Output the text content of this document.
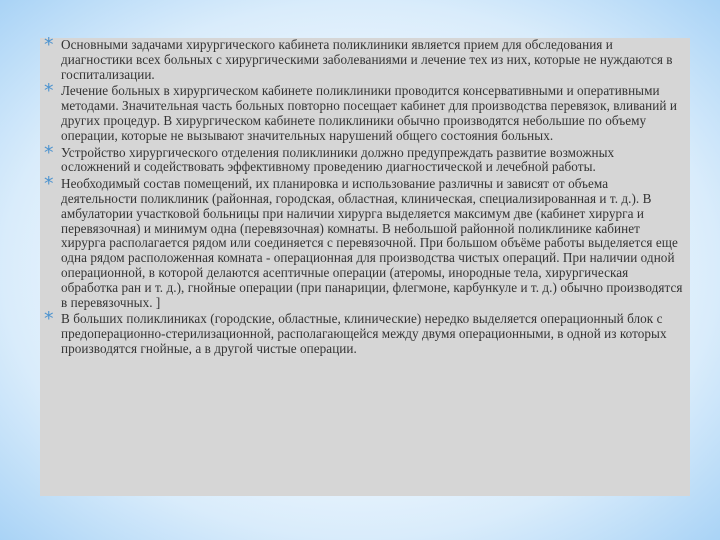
* Основными задачами хирургического кабинета поликлиники является прием для обследования и диагностики всех больных с хирургическими заболеваниями и лечение тех из них, которые не нуждаются в госпитализации.
* Лечение больных в хирургическом кабинете поликлиники проводится консервативными и оперативными методами. Значительная часть больных повторно посещает кабинет для производства перевязок, вливаний и других процедур. В хирургическом кабинете поликлиники обычно производятся небольшие по объему операции, которые не вызывают значительных нарушений общего состояния больных.
* Устройство хирургического отделения поликлиники должно предупреждать развитие возможных осложнений и содействовать эффективному проведению диагностической и лечебной работы.
* Необходимый состав помещений, их планировка и использование различны и зависят от объема деятельности поликлиник (районная, городская, областная, клиническая, специализированная и т. д.). В амбулатории участковой больницы при наличии хирурга выделяется максимум две (кабинет хирурга и перевязочная) и минимум одна (перевязочная) комнаты. В небольшой районной поликлинике кабинет хирурга располагается рядом или соединяется с перевязочной. При большом объёме работы выделяется еще одна рядом расположенная комната - операционная для производства чистых операций. При наличии одной операционной, в которой делаются асептичные операции (атеромы, инородные тела, хирургическая обработка ран и т. д.), гнойные операции (при панариции, флегмоне, карбункуле и т. д.) обычно производятся в перевязочных. ]
* В больших поликлиниках (городские, областные, клинические) нередко выделяется операционный блок с предоперационно-стерилизационной, располагающейся между двумя операционными, в одной из которых производятся гнойные, а в другой чистые операции.
